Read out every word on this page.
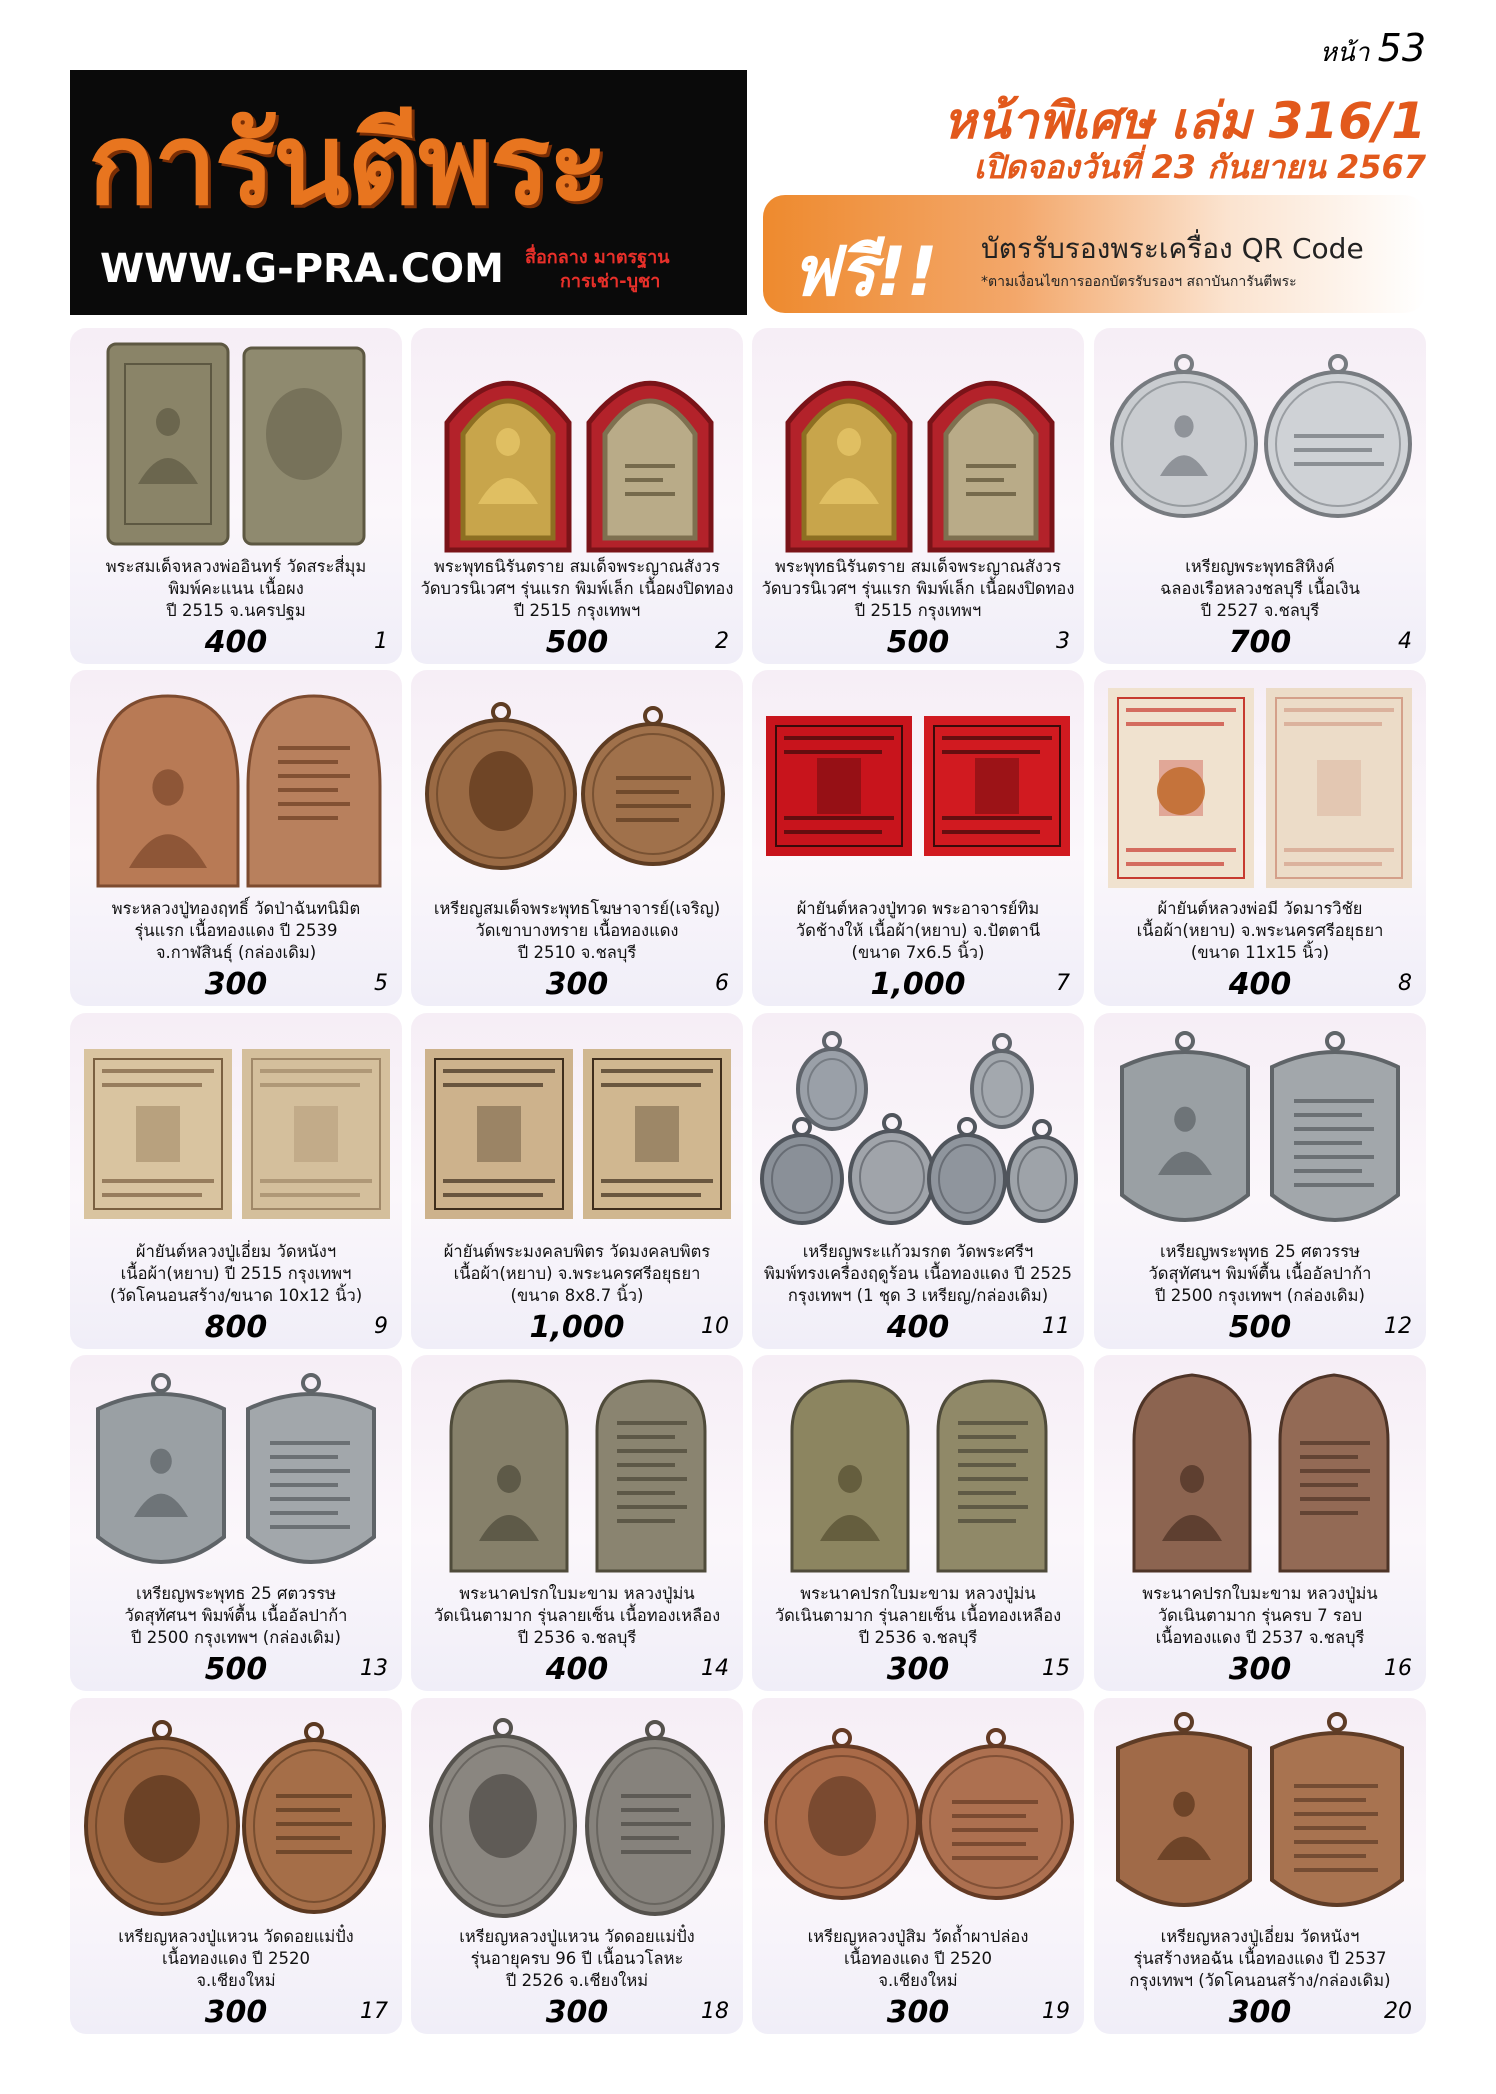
การันตีพระ
WWW.G-PRA.COM สื่อกลาง มาตรฐาน
การเช่า-บูชา
หน้า 53
หน้าพิเศษ เล่ม 316/1
เปิดจองวันที่ 23 กันยายน 2567
ฟรี!! บัตรรับรองพระเครื่อง QR Code
*ตามเงื่อนไขการออกบัตรรับรองฯ สถาบันการันตีพระ
พระสมเด็จหลวงพ่ออินทร์ วัดสระสี่มุม
พิมพ์คะแนน เนื้อผง
ปี 2515 จ.นครปฐม
400	1
พระพุทธนิรันตราย สมเด็จพระญาณสังวร
วัดบวรนิเวศฯ รุ่นแรก พิมพ์เล็ก เนื้อผงปิดทอง
ปี 2515 กรุงเทพฯ
500	2
พระพุทธนิรันตราย สมเด็จพระญาณสังวร
วัดบวรนิเวศฯ รุ่นแรก พิมพ์เล็ก เนื้อผงปิดทอง
ปี 2515 กรุงเทพฯ
500	3
เหรียญพระพุทธสิหิงค์
ฉลองเรือหลวงชลบุรี เนื้อเงิน
ปี 2527 จ.ชลบุรี
700	4
พระหลวงปู่ทองฤทธิ์ วัดป่าฉันทนิมิต
รุ่นแรก เนื้อทองแดง ปี 2539
จ.กาฬสินธุ์ (กล่องเดิม)
300	5
เหรียญสมเด็จพระพุทธโฆษาจารย์(เจริญ)
วัดเขาบางทราย เนื้อทองแดง
ปี 2510 จ.ชลบุรี
300	6
ผ้ายันต์หลวงปู่ทวด พระอาจารย์ทิม
วัดช้างให้ เนื้อผ้า(หยาบ) จ.ปัตตานี
(ขนาด 7x6.5 นิ้ว)
1,000	7
ผ้ายันต์หลวงพ่อมี วัดมารวิชัย
เนื้อผ้า(หยาบ) จ.พระนครศรีอยุธยา
(ขนาด 11x15 นิ้ว)
400	8
ผ้ายันต์หลวงปู่เอี่ยม วัดหนังฯ
เนื้อผ้า(หยาบ) ปี 2515 กรุงเทพฯ
(วัดโคนอนสร้าง/ขนาด 10x12 นิ้ว)
800	9
ผ้ายันต์พระมงคลบพิตร วัดมงคลบพิตร
เนื้อผ้า(หยาบ) จ.พระนครศรีอยุธยา
(ขนาด 8x8.7 นิ้ว)
1,000	10
เหรียญพระแก้วมรกต วัดพระศรีฯ
พิมพ์ทรงเครื่องฤดูร้อน เนื้อทองแดง ปี 2525
กรุงเทพฯ (1 ชุด 3 เหรียญ/กล่องเดิม)
400	11
เหรียญพระพุทธ 25 ศตวรรษ
วัดสุทัศนฯ พิมพ์ตื้น เนื้ออัลปาก้า
ปี 2500 กรุงเทพฯ (กล่องเดิม)
500	12
เหรียญพระพุทธ 25 ศตวรรษ
วัดสุทัศนฯ พิมพ์ตื้น เนื้ออัลปาก้า
ปี 2500 กรุงเทพฯ (กล่องเดิม)
500	13
พระนาคปรกใบมะขาม หลวงปู่ม่น
วัดเนินตามาก รุ่นลายเซ็น เนื้อทองเหลือง
ปี 2536 จ.ชลบุรี
400	14
พระนาคปรกใบมะขาม หลวงปู่ม่น
วัดเนินตามาก รุ่นลายเซ็น เนื้อทองเหลือง
ปี 2536 จ.ชลบุรี
300	15
พระนาคปรกใบมะขาม หลวงปู่ม่น
วัดเนินตามาก รุ่นครบ 7 รอบ
เนื้อทองแดง ปี 2537 จ.ชลบุรี
300	16
เหรียญหลวงปู่แหวน วัดดอยแม่ปั๋ง
เนื้อทองแดง ปี 2520
จ.เชียงใหม่
300	17
เหรียญหลวงปู่แหวน วัดดอยแม่ปั๋ง
รุ่นอายุครบ 96 ปี เนื้อนวโลหะ
ปี 2526 จ.เชียงใหม่
300	18
เหรียญหลวงปู่สิม วัดถ้ำผาปล่อง
เนื้อทองแดง ปี 2520
จ.เชียงใหม่
300	19
เหรียญหลวงปู่เอี่ยม วัดหนังฯ
รุ่นสร้างหอฉัน เนื้อทองแดง ปี 2537
กรุงเทพฯ (วัดโคนอนสร้าง/กล่องเดิม)
300	20
